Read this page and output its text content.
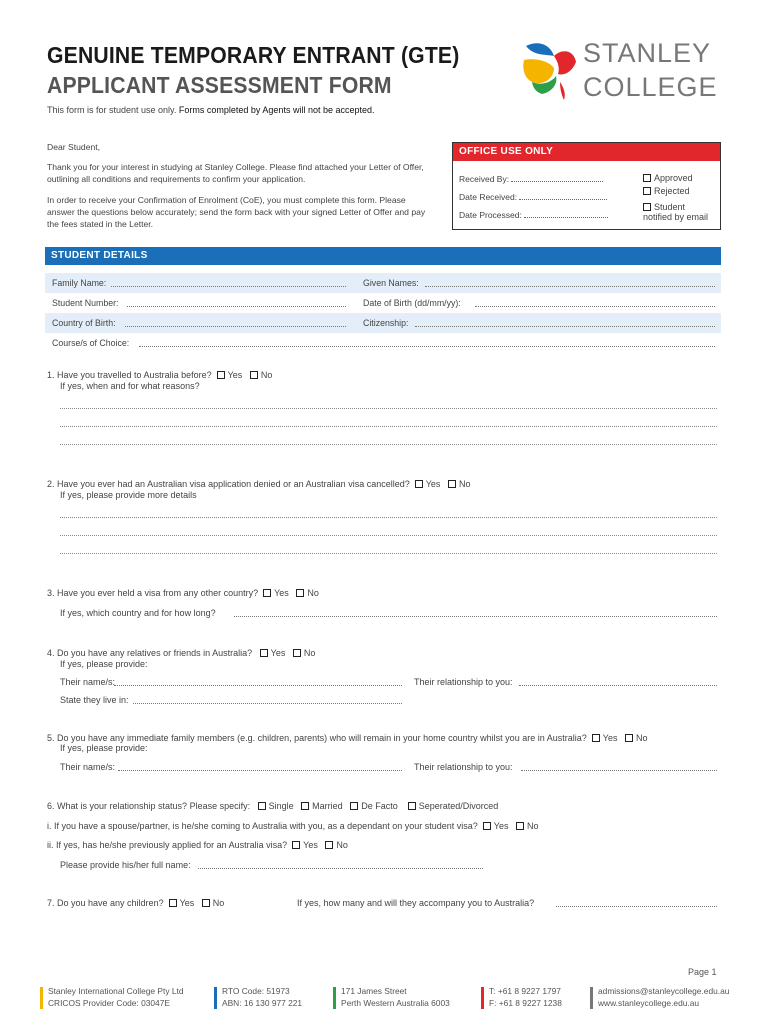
GENUINE TEMPORARY ENTRANT (GTE)
APPLICANT ASSESSMENT FORM
This form is for student use only. Forms completed by Agents will not be accepted.
STANLEY
COLLEGE
Dear Student,
Thank you for your interest in studying at Stanley College. Please find attached your Letter of Offer, outlining all conditions and requirements to confirm your application.
In order to receive your Confirmation of Enrolment (CoE), you must complete this form. Please answer the questions below accurately; send the form back with your signed Letter of Offer and pay the fees stated in the Letter.
OFFICE USE ONLY
Received By:
Date Received:
Date Processed:
Approved
Rejected
Student
notified by email
STUDENT DETAILS
Family Name:	Given Names:
Student Number:	Date of Birth (dd/mm/yy):
Country of Birth:	Citizenship:
Course/s of Choice:
1. Have you travelled to Australia before? Yes No
If yes, when and for what reasons?
2. Have you ever had an Australian visa application denied or an Australian visa cancelled? Yes No
If yes, please provide more details
3. Have you ever held a visa from any other country? Yes No
If yes, which country and for how long?
4. Do you have any relatives or friends in Australia? Yes No
If yes, please provide:
Their name/s:	Their relationship to you:
State they live in:
5. Do you have any immediate family members (e.g. children, parents) who will remain in your home country whilst you are in Australia? Yes No
If yes, please provide:
Their name/s:	Their relationship to you:
6. What is your relationship status? Please specify: Single Married De Facto Seperated/Divorced
i. If you have a spouse/partner, is he/she coming to Australia with you, as a dependant on your student visa? Yes No
ii. If yes, has he/she previously applied for an Australia visa? Yes No
Please provide his/her full name:
7. Do you have any children? Yes No	If yes, how many and will they accompany you to Australia?
Page 1
Stanley International College Pty Ltd
CRICOS Provider Code: 03047E
RTO Code: 51973
ABN: 16 130 977 221
171 James Street
Perth Western Australia 6003
T: +61 8 9227 1797
F: +61 8 9227 1238
admissions@stanleycollege.edu.au
www.stanleycollege.edu.au
